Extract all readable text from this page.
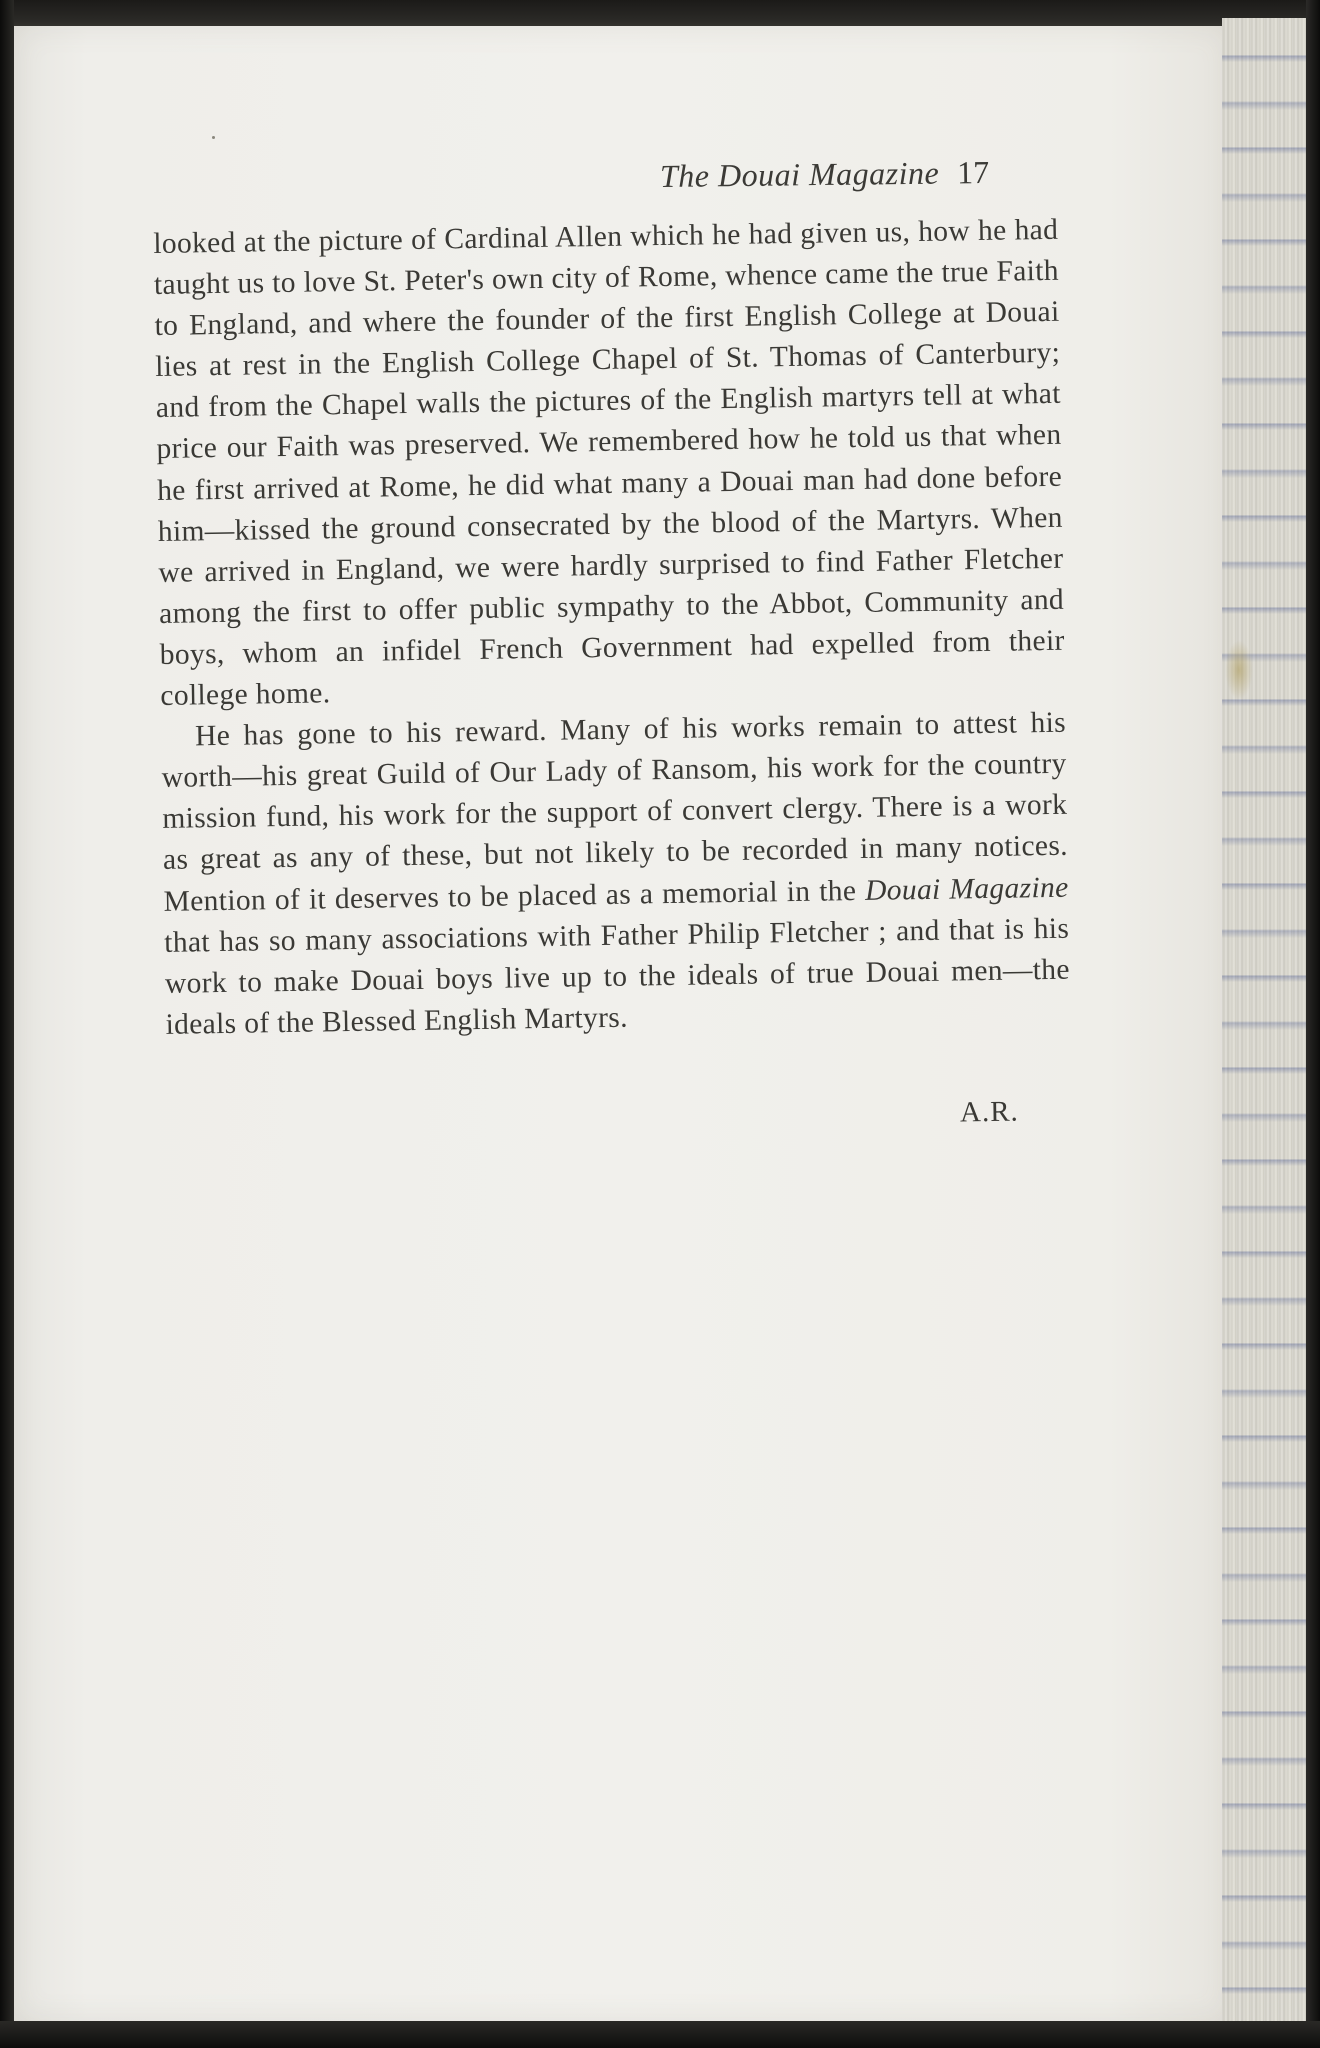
The Douai Magazine 17

looked at the picture of Cardinal Allen which he had given us, how he had taught us to love St. Peter's own city of Rome, whence came the true Faith to England, and where the founder of the first English College at Douai lies at rest in the English College Chapel of St. Thomas of Canterbury; and from the Chapel walls the pictures of the English martyrs tell at what price our Faith was preserved. We remembered how he told us that when he first arrived at Rome, he did what many a Douai man had done before him—kissed the ground consecrated by the blood of the Martyrs. When we arrived in England, we were hardly surprised to find Father Fletcher among the first to offer public sympathy to the Abbot, Community and boys, whom an infidel French Government had expelled from their college home.

He has gone to his reward. Many of his works remain to attest his worth—his great Guild of Our Lady of Ransom, his work for the country mission fund, his work for the support of convert clergy. There is a work as great as any of these, but not likely to be recorded in many notices. Mention of it deserves to be placed as a memorial in the Douai Magazine that has so many associations with Father Philip Fletcher ; and that is his work to make Douai boys live up to the ideals of true Douai men—the ideals of the Blessed English Martyrs.

A.R.
